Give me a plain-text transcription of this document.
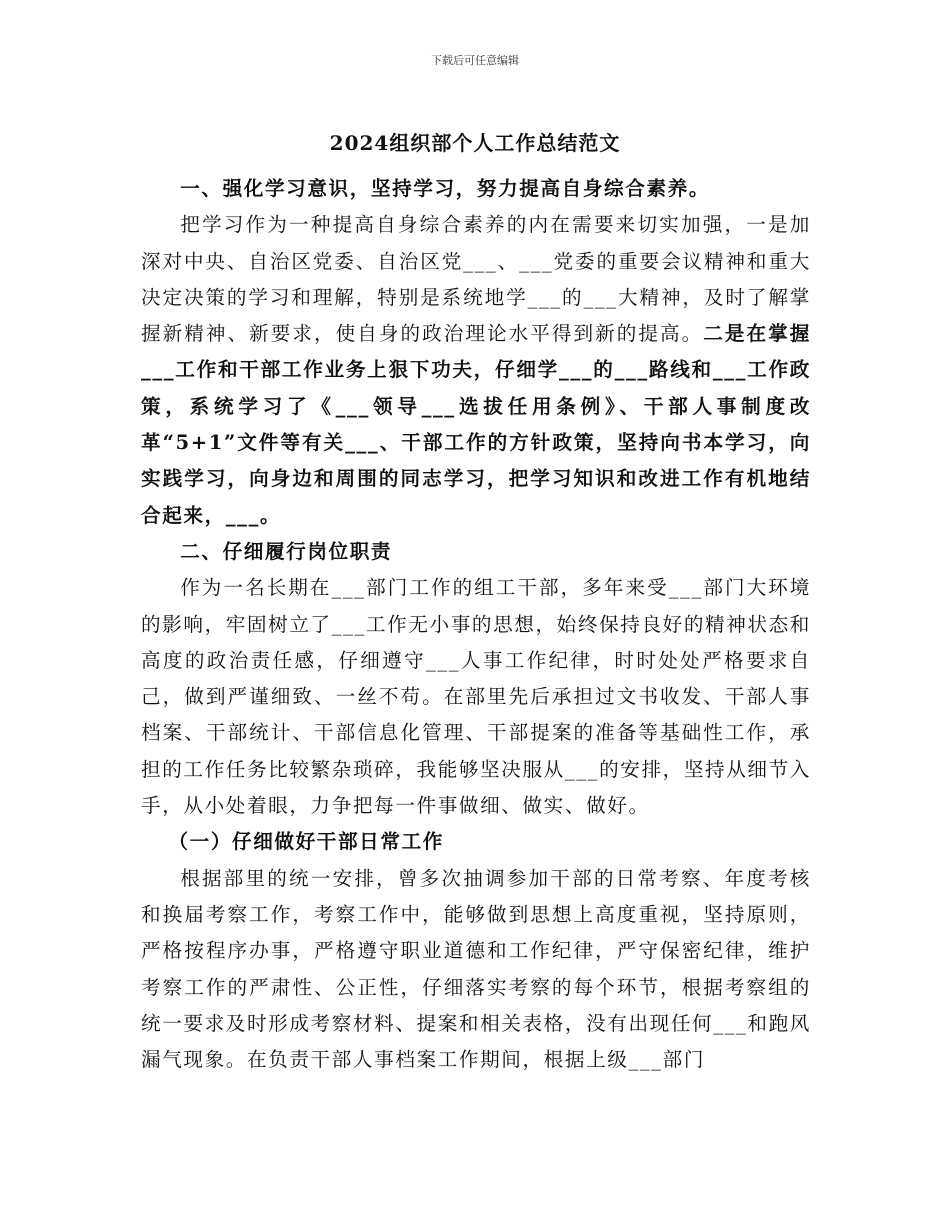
下载后可任意编辑
2024组织部个人工作总结范文

一、强化学习意识，坚持学习，努力提高自身综合素养。

把学习作为一种提高自身综合素养的内在需要来切实加强，一是加深对中央、自治区党委、自治区党___、___党委的重要会议精神和重大决定决策的学习和理解，特别是系统地学___的___大精神，及时了解掌握新精神、新要求，使自身的政治理论水平得到新的提高。二是在掌握___工作和干部工作业务上狠下功夫，仔细学___的___路线和___工作政策，系统学习了《___领导___选拔任用条例》、干部人事制度改革“5+1”文件等有关___、干部工作的方针政策，坚持向书本学习，向实践学习，向身边和周围的同志学习，把学习知识和改进工作有机地结合起来，___。

二、仔细履行岗位职责

作为一名长期在___部门工作的组工干部，多年来受___部门大环境的影响，牢固树立了___工作无小事的思想，始终保持良好的精神状态和高度的政治责任感，仔细遵守___人事工作纪律，时时处处严格要求自己，做到严谨细致、一丝不苟。在部里先后承担过文书收发、干部人事档案、干部统计、干部信息化管理、干部提案的准备等基础性工作，承担的工作任务比较繁杂琐碎，我能够坚决服从___的安排，坚持从细节入手，从小处着眼，力争把每一件事做细、做实、做好。

（一）仔细做好干部日常工作

根据部里的统一安排，曾多次抽调参加干部的日常考察、年度考核和换届考察工作，考察工作中，能够做到思想上高度重视，坚持原则，严格按程序办事，严格遵守职业道德和工作纪律，严守保密纪律，维护考察工作的严肃性、公正性，仔细落实考察的每个环节，根据考察组的统一要求及时形成考察材料、提案和相关表格，没有出现任何___和跑风漏气现象。在负责干部人事档案工作期间，根据上级___部门
